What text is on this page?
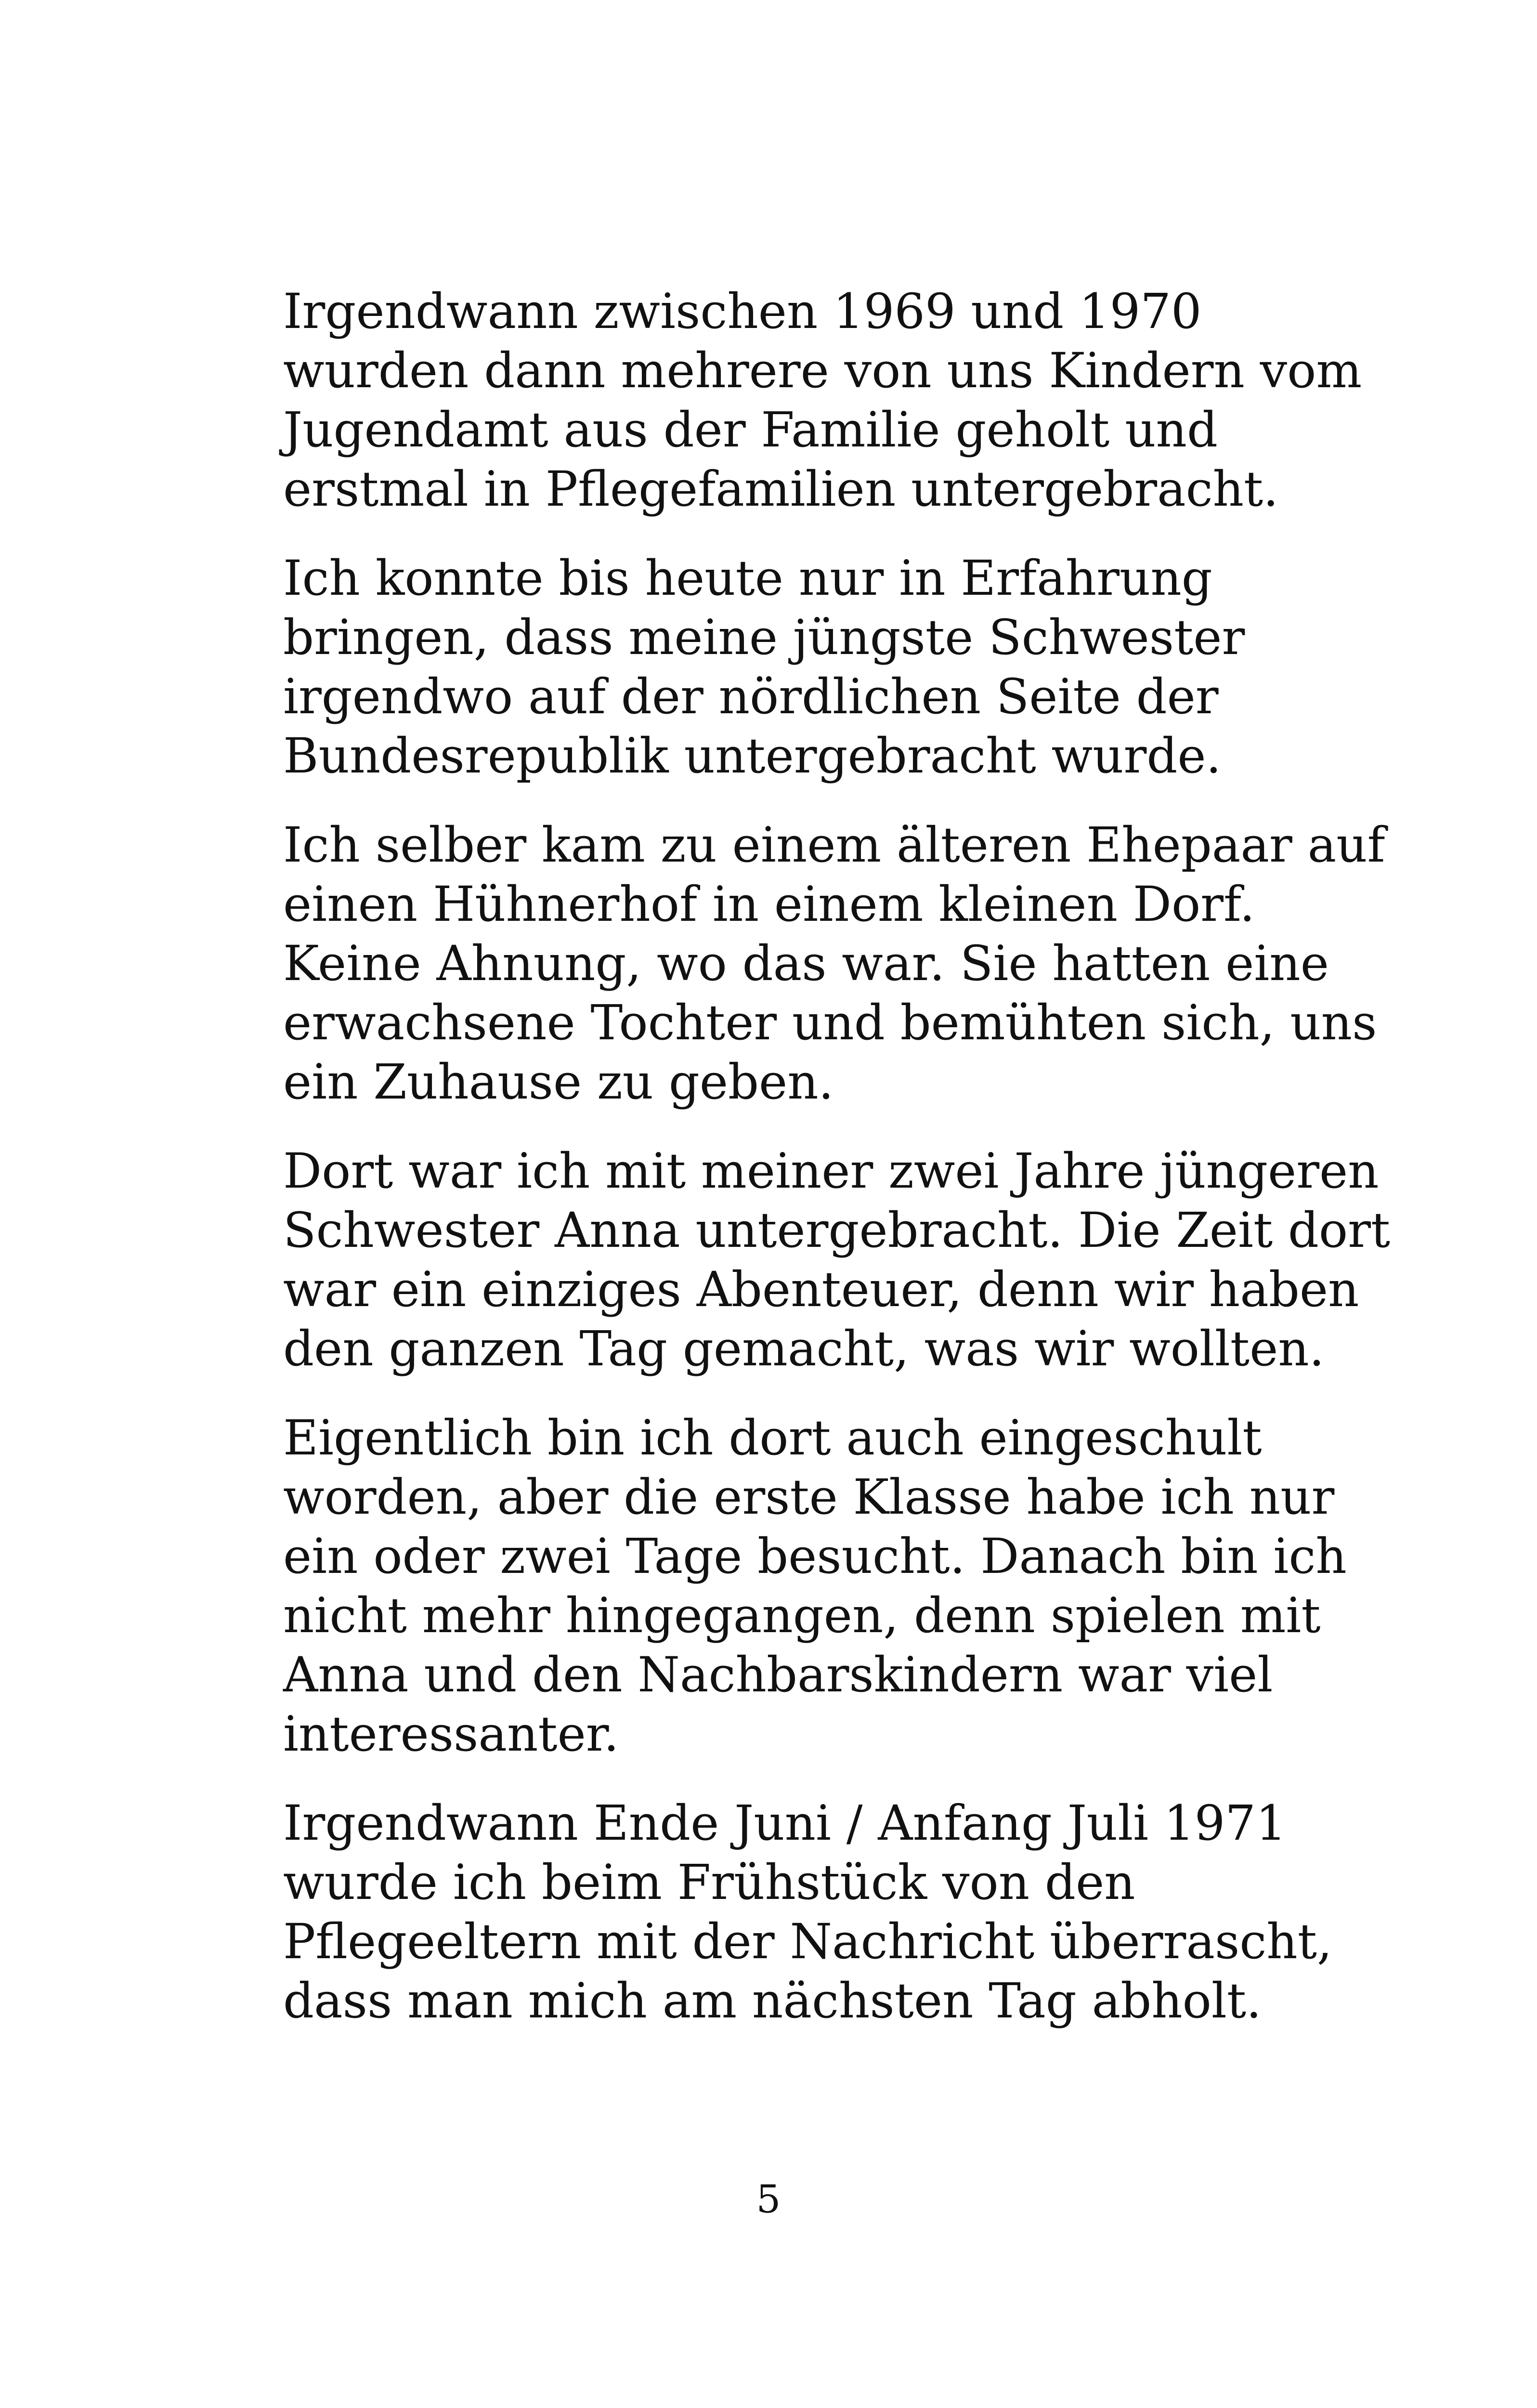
Irgendwann zwischen 1969 und 1970
wurden dann mehrere von uns Kindern vom
Jugendamt aus der Familie geholt und
erstmal in Pflegefamilien untergebracht.

Ich konnte bis heute nur in Erfahrung
bringen, dass meine jüngste Schwester
irgendwo auf der nördlichen Seite der
Bundesrepublik untergebracht wurde.

Ich selber kam zu einem älteren Ehepaar auf
einen Hühnerhof in einem kleinen Dorf.
Keine Ahnung, wo das war. Sie hatten eine
erwachsene Tochter und bemühten sich, uns
ein Zuhause zu geben.

Dort war ich mit meiner zwei Jahre jüngeren
Schwester Anna untergebracht. Die Zeit dort
war ein einziges Abenteuer, denn wir haben
den ganzen Tag gemacht, was wir wollten.

Eigentlich bin ich dort auch eingeschult
worden, aber die erste Klasse habe ich nur
ein oder zwei Tage besucht. Danach bin ich
nicht mehr hingegangen, denn spielen mit
Anna und den Nachbarskindern war viel
interessanter.

Irgendwann Ende Juni / Anfang Juli 1971
wurde ich beim Frühstück von den
Pflegeeltern mit der Nachricht überrascht,
dass man mich am nächsten Tag abholt.

5
